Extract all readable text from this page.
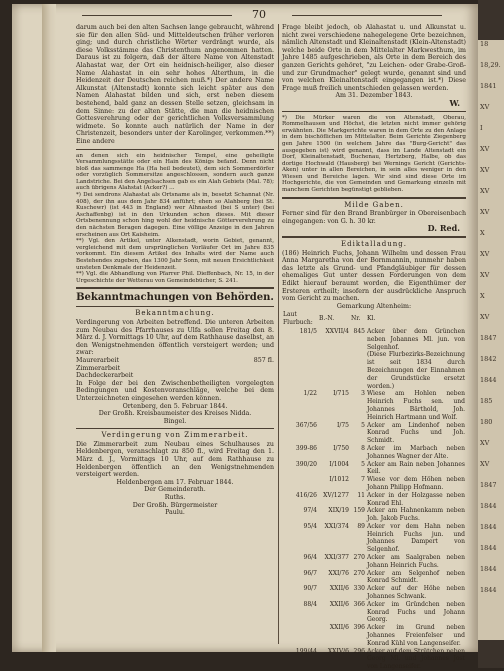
18
18,29.
1841
XV
I
XV
XV
XV
XV
X
XV
XV
X
XV
1847
1842
1844
185
180
XV
XV
1847
1844
1844
1844
1844
1844
70
darum auch bei den alten Sachsen lange gebraucht, während sie für den allen Süd- und Mitteldeutschen früher verloren ging; und durch christliche Wörter verdrängt wurde, als diese Volksstämme das Christenthum angenommen hatten. Daraus ist zu folgern, daß der ältere Name von Altenstadt Alahastat war, der Ort ein heidnisch-heiliger, also dieser Name Alahastat in ein sehr hohes Alterthum, in die Heidenzeit der Deutschen reichen muß.*) Der andere Name Alkunstat (Altenstadt) konnte sich leicht später aus den Namen Alahastat bilden und sich, erst neben diesem bestehend, bald ganz an dessen Stelle setzen, gleichsam in dem Sinne: zu der alten Stätte, die man die heidnischen Gottesverehrung oder der gerichtlichen Volksversammlung widmete. So konnte auch natürlich der Name in der Christenzeit, besonders unter der Karolinger, verkommen.**) Eine andere
an denen sich ein heidnischer Tempel, eine geheiligte Versammlungsstätte oder ein Hain des Königs befand. Denn nicht bloß das sammenge Ha (Ha heil bedeutet), dem sich Sommerdörfer oder vorzüglich Sommersitze angeschlossen, sondern auch ganze Landstriche. Bei den Angelsachsen gab es ein Alah Gebiets (Mal. 78); auch übrigens Alahstat (Acker?) ...
*) Dei sendrons Alahastat als Ortsname als in, besetzt Schannat (Nr. 408), der ihn aus dem Jahr 834 anführt; ehen so Alahberg (bei St. Kuschewr) (ist 443 in England) wer Alhnasted (bei S unter) (bei Aschaffenbg) ist in den Urkunden schon dieses. Mit dieser Ortsbenennung schon hing wohl der heidnische Götterverehrung zu den nächsten Beragen dagegen. Eine völlige Anzeige in den Jahren erscheinen aus Ort Kaisheim.
**) Vgl. den Artikel, unter Alkenstadt, worin Gebiet, genannt, vergleichend mit dem ursprünglichen Vorläufer Ort im Jahre 835 vorkommt. Ein diesem Artikel des Inhalts wird der Name auch Bestehendes zugeben, das 1300 Jahr Sonn, mit neuen Ersichtlichkeit unsteten Denkmale der Heidenzeit.
**) Vgl. die Abhandlung von Pfarrer Phil. Dieffenbach, Nr. 15, in der Urgeschichte der Wetterau von Gemeindebücher, S. 241.
Bekanntmachungen von Behörden.
Bekanntmachung.
Verdingerung von Arbeiten betreffend. Die unteren Arbeiten zum Neubau des Pfarrhauses zu Ulfa sollen Freitag den 8. März d. J. Vormittags 10 Uhr, auf dem Rathhause daselbst, an den Wenigstnehmenden öffentlich versteigert werden; und zwar:
Maurerarbeit	857 fl.
Zimmerarbeit
Dachdeckerarbeit
In Folge der bei den Zwischenbetheiligten vorgelegten Bedingungen und Kostenvoranschläge, welche bei dem Unterzeichneten eingesehen werden können.
Ortenberg, den 5. Februar 1844.
Der Großh. Kreisbaumeister des Kreises Nidda.
Bingel.
Verdingerung von Zimmerarbeit.
Die Zimmerarbeit zum Neubau eines Schulhauses zu Heldenbergen, veranschlagt zu 850 fl., wird Freitag den 1. März d. J., Vormittags 10 Uhr, auf dem Rathhause zu Heldenbergen öffentlich an den Wenigstnehmenden versteigert werden.
Heldenbergen am 17. Februar 1844.
Der Gemeinderath.
Ruths.
Der Großh. Bürgermeister
Paulu.
Frage bleibt jedoch, ob Alahastat u. und Alkunstat u. nicht zwei verschiedene nahegelegene Orte bezeichnen, nämlich Altenstadt und Kleinaltenstadt (Klein-Altenstadt) welche beide Orte in dem Mittelalter Markwesthum, im Jahre 1485 aufgeschrieben, als Orte in dem Bereich des ganzen Gerichts gehöret, "zu Leichen- oder Grabe-Groß- und zur Grundmacher" gelegt wurde, genannt sind und von welchen Kleinaltenstadt eingegangen ist.*) Diese Frage muß freilich unentschieden gelassen werden.
Am 31. Dezember 1843.
W.
*) Die Mürker waren die von Altenstadt, Oberau, Rommelhausen und Höchst, die letzten nicht immer gehörig erwähnten. Die Markgerichte waren in dem Orte zu den Anlage in dem bischöflichen im Mittelalter. Beim Gerichte Ziegenberg gen Jahre 1500 (in welchem Jahre das "Burg-Gericht" das ausgegeben ist) wird genannt, dass im Lande Altenstadt ein Dorf, Kleinaltenstadt, Buchenau, Hertzberg, Halbe, ob das dortige Hochwald (Hausberg) bei Wernings Gericht (Gerichts-Aken) unter in allen Bereichen, in sein alles weniger in den Wiesen und Bereiche lagen. Wir sind sind diese Orte im Hochgerichte, die von Gemeinden und Gemarkung einzeln mit manchem Gerichten begünstigt geblieben.
Milde Gaben.
Ferner sind für den Brand Branbürger in Obereisenbach eingegangen: von G. h. 30 kr.
D. Red.
Ediktalladung.
(186) Heinrich Fuchs, Johann Wilhelm und dessen Frau Anna Margaretha von der Bornmannin, nunmehr haben das letzte als Grund- und Pfandgläubiger für dessen ehemaliges Gut unter dessen Forderungen von dem Edikt hierauf beraumt worden, die Eigenthümer der Ersteren ertheilt; insofern der ausdrückliche Anspruch vom Gericht zu machen.
Gemarkung Altenheim:
Laut Flurbuch:	B.-N.	Nr.	Kl.
181/5	XXVII/4	845	Acker über dem Grünchen neben Johannes Ml. jun. von Selgenhof.
			(Diese Flurbezirks-Bezeichnung ist seit 1834 durch Bezeichnungen der Einnahmen der Grundstücke ersetzt worden.)
1/22	I/715	3	Wiese am Hohlen neben Heinrich Fuchs sen. und Johannes Bärthold, Joh. Heinrich Hartmann und Wolf.
367/56	I/75	5	Acker am Lindenhof neben Konrad Fuchs und Joh. Schmidt.
399-86	I/750	8	Acker im Marbach neben Johannes Wagner der Alte.
390/20	I/1004	5	Acker am Rain neben Johannes Keil.
	I/1012	7	Wiese vor dem Höhen neben Johann Philipp Hofmann.
416/26	XV/1277	11	Acker in der Holzgasse neben Konrad Ehl.
97/4	XIX/19	159	Acker am Hahnenkamm neben Joh. Jakob Fuchs.
95/4	XXI/374	89	Acker vor dem Hahn neben Heinrich Fuchs jun. und Johannes Dampert von Selgenhof.
96/4	XXI/377	270	Acker am Saalgraben neben Johann Heinrich Fuchs.
96/7	XXI/76	270	Acker am Selgenhof neben Konrad Schmidt.
90/7	XXII/6	330	Acker auf der Höhe neben Johannes Schwank.
88/4	XXII/6	366	Acker im Gründchen neben Konrad Fuchs und Johann Georg.
	XXII/6	396	Acker im Grund neben Johannes Freienfelser und Konrad Kühl von Langenseifer.
199/44	XXIV/6	296	Acker auf dem Strütchen neben Georg Ml. und Johannes Jost von Langenseifer.
